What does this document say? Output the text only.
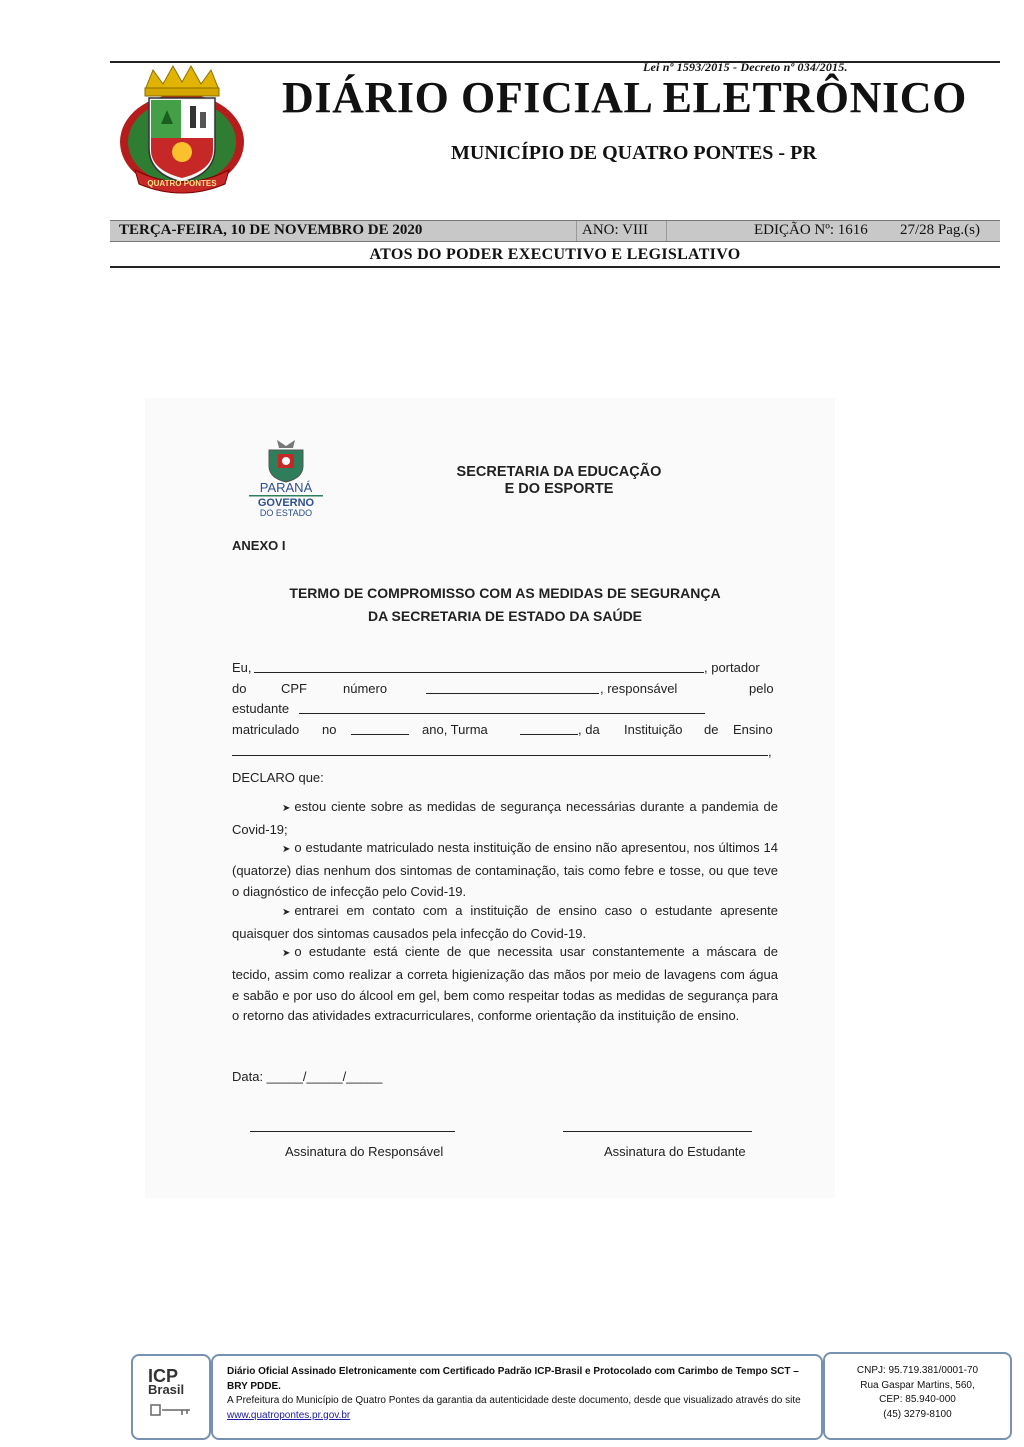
Lei nº 1593/2015 - Decreto nº 034/2015.
QUATRO PONTES
DIÁRIO OFICIAL ELETRÔNICO
MUNICÍPIO DE QUATRO PONTES - PR
TERÇA-FEIRA, 10 DE NOVEMBRO DE 2020	ANO: VIII	EDIÇÃO Nº: 1616 27/28 Pag.(s)
ATOS DO PODER EXECUTIVO E LEGISLATIVO
PARANÁ
GOVERNO
DO ESTADO
SECRETARIA DA EDUCAÇÃO
E DO ESPORTE
ANEXO I
TERMO DE COMPROMISSO COM AS MEDIDAS DE SEGURANÇA
DA SECRETARIA DE ESTADO DA SAÚDE
Eu,	, portador
do	CPF	número	, responsável	pelo
estudante
matriculado no	ano, Turma	, da Instituição de Ensino
,
DECLARO que:
➤ estou ciente sobre as medidas de segurança necessárias durante a pandemia de Covid-19;
➤ o estudante matriculado nesta instituição de ensino não apresentou, nos últimos 14 (quatorze) dias nenhum dos sintomas de contaminação, tais como febre e tosse, ou que teve o diagnóstico de infecção pelo Covid-19.
➤ entrarei em contato com a instituição de ensino caso o estudante apresente quaisquer dos sintomas causados pela infecção do Covid-19.
➤ o estudante está ciente de que necessita usar constantemente a máscara de tecido, assim como realizar a correta higienização das mãos por meio de lavagens com água e sabão e por uso do álcool em gel, bem como respeitar todas as medidas de segurança para o retorno das atividades extracurriculares, conforme orientação da instituição de ensino.
Data: _____/_____/_____
Assinatura do Responsável	Assinatura do Estudante
ICP
Brasil
Diário Oficial Assinado Eletronicamente com Certificado Padrão ICP-Brasil e Protocolado com Carimbo de Tempo SCT – BRY PDDE.
A Prefeitura do Município de Quatro Pontes da garantia da autenticidade deste documento, desde que visualizado através do site www.quatropontes.pr.gov.br
CNPJ: 95.719.381/0001-70
Rua Gaspar Martins, 560,
CEP: 85.940-000
(45) 3279-8100
